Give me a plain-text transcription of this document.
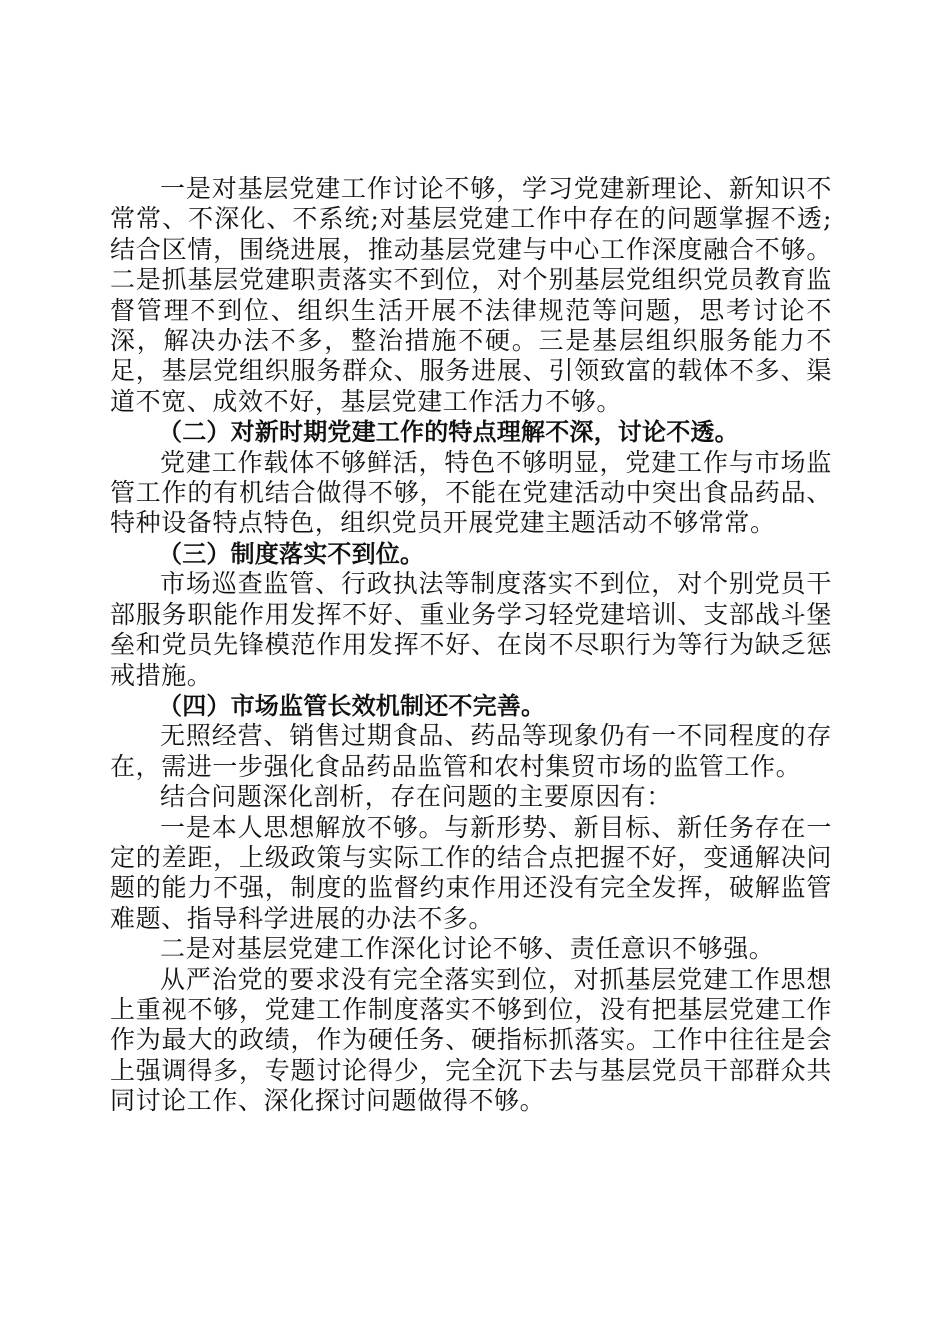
一是对基层党建工作讨论不够，学习党建新理论、新知识不常常、不深化、不系统;对基层党建工作中存在的问题掌握不透;结合区情，围绕进展，推动基层党建与中心工作深度融合不够。二是抓基层党建职责落实不到位，对个别基层党组织党员教育监督管理不到位、组织生活开展不法律规范等问题，思考讨论不深，解决办法不多，整治措施不硬。三是基层组织服务能力不足，基层党组织服务群众、服务进展、引领致富的载体不多、渠道不宽、成效不好，基层党建工作活力不够。

（二）对新时期党建工作的特点理解不深，讨论不透。

党建工作载体不够鲜活，特色不够明显，党建工作与市场监管工作的有机结合做得不够，不能在党建活动中突出食品药品、特种设备特点特色，组织党员开展党建主题活动不够常常。

（三）制度落实不到位。

市场巡查监管、行政执法等制度落实不到位，对个别党员干部服务职能作用发挥不好、重业务学习轻党建培训、支部战斗堡垒和党员先锋模范作用发挥不好、在岗不尽职行为等行为缺乏惩戒措施。

（四）市场监管长效机制还不完善。

无照经营、销售过期食品、药品等现象仍有一不同程度的存在，需进一步强化食品药品监管和农村集贸市场的监管工作。

结合问题深化剖析，存在问题的主要原因有：

一是本人思想解放不够。与新形势、新目标、新任务存在一定的差距，上级政策与实际工作的结合点把握不好，变通解决问题的能力不强，制度的监督约束作用还没有完全发挥，破解监管难题、指导科学进展的办法不多。

二是对基层党建工作深化讨论不够、责任意识不够强。

从严治党的要求没有完全落实到位，对抓基层党建工作思想上重视不够，党建工作制度落实不够到位，没有把基层党建工作作为最大的政绩，作为硬任务、硬指标抓落实。工作中往往是会上强调得多，专题讨论得少，完全沉下去与基层党员干部群众共同讨论工作、深化探讨问题做得不够。
